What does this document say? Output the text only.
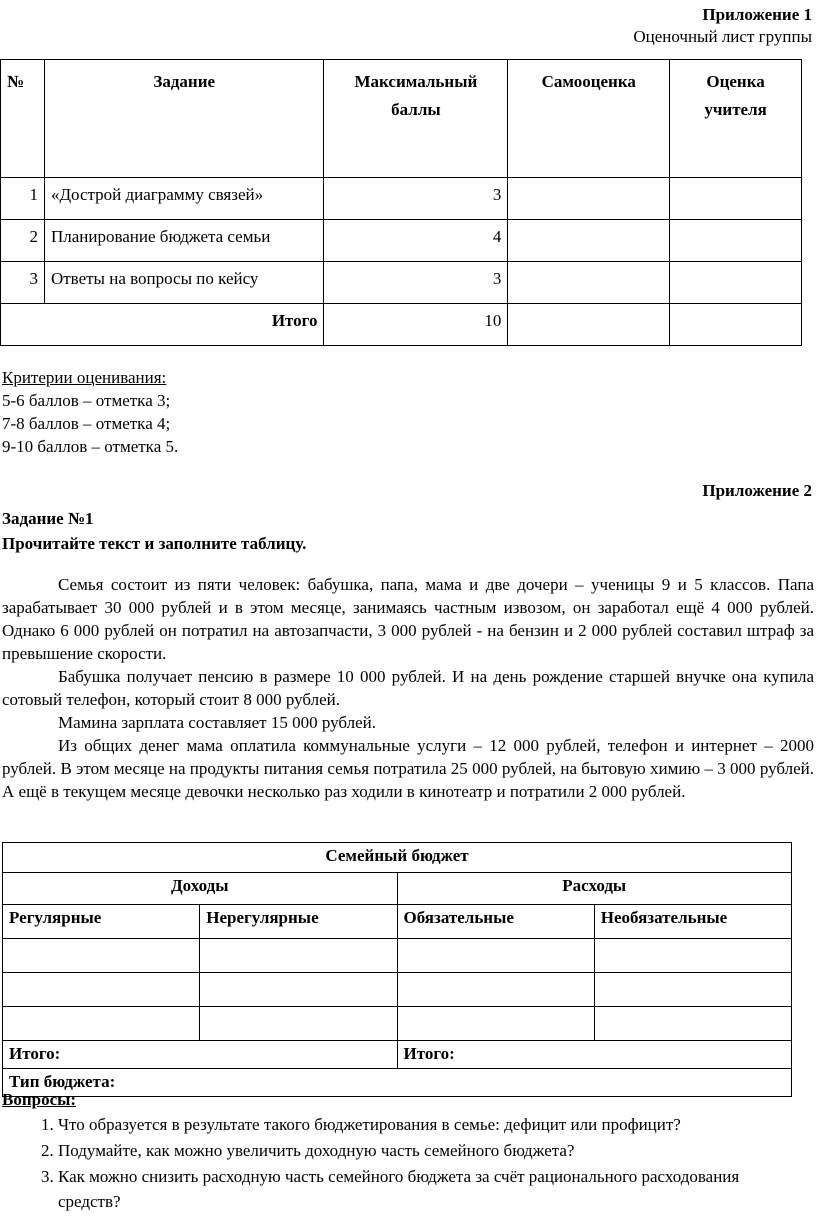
Приложение 1
Оценочный лист группы
№	Задание	Максимальный баллы	Самооценка	Оценка учителя
1	«Дострой диаграмму связей»	3		
2	Планирование бюджета семьи	4		
3	Ответы на вопросы по кейсу	3		
Итого		10		
Критерии оценивания:
5-6 баллов – отметка 3;
7-8 баллов – отметка 4;
9-10 баллов – отметка 5.
Приложение 2
Задание №1
Прочитайте текст и заполните таблицу.

Семья состоит из пяти человек: бабушка, папа, мама и две дочери – ученицы 9 и 5 классов. Папа зарабатывает 30 000 рублей и в этом месяце, занимаясь частным извозом, он заработал ещё 4 000 рублей. Однако 6 000 рублей он потратил на автозапчасти, 3 000 рублей - на бензин и 2 000 рублей составил штраф за превышение скорости.

Бабушка получает пенсию в размере 10 000 рублей. И на день рождение старшей внучке она купила сотовый телефон, который стоит 8 000 рублей.

Мамина зарплата составляет 15 000 рублей.

Из общих денег мама оплатила коммунальные услуги – 12 000 рублей, телефон и интернет – 2000 рублей. В этом месяце на продукты питания семья потратила 25 000 рублей, на бытовую химию – 3 000 рублей. А ещё в текущем месяце девочки несколько раз ходили в кинотеатр и потратили 2 000 рублей.

Семейный бюджет			
Доходы		Расходы	
Регулярные	Нерегулярные	Обязательные	Необязательные

Итого:		Итого:	
Тип бюджета:			
Вопросы:
1. Что образуется в результате такого бюджетирования в семье: дефицит или профицит?
2. Подумайте, как можно увеличить доходную часть семейного бюджета?
3. Как можно снизить расходную часть семейного бюджета за счёт рационального расходования средств?
